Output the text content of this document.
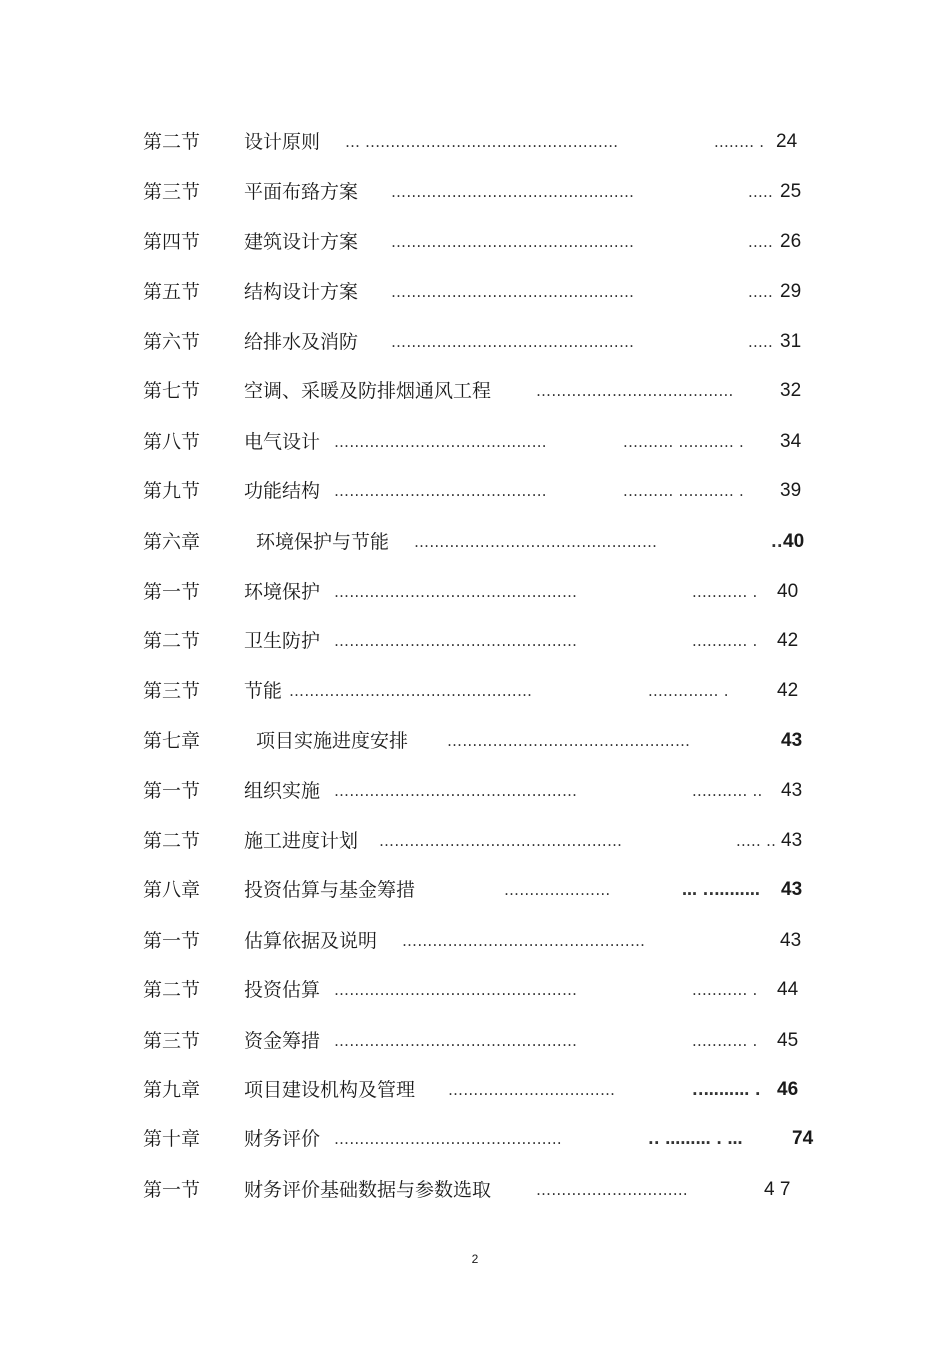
第二节 设计原则 … ..…………………………………………	..…… . 24
第三节 平面布臵方案 …………………………………………	..… 25
第四节 建筑设计方案 …………………………………………	..… 26
第五节 结构设计方案 …………………………………………	..… 29
第六节 给排水及消防 …………………………………………	..… 31
第七节 空调、采暖及防排烟通风工程	………………………………… 32
第八节 电气设计 ……………………………………	.……… ..……… . 34
第九节 功能结构 ……………………………………	.……… ..……… . 39
第六章	环境保护与节能 …………………………………………	.. 40
第一节 环境保护 …………………………………………	..……… . 40
第二节 卫生防护 …………………………………………	..……… . 42
第三节 节能 …………………………………………	..………… .	42
第七章	项目实施进度安排	…………………………………………	43
第一节 组织实施 …………………………………………	..……… .. 43
第二节 施工进度计划 …………………………………………	..… .. 43
第八章 投资估算与基金筹措	…………………	… ..……… 43
第一节 估算依据及说明 …………………………………………	43
第二节 投资估算 …………………………………………	..……… . 44
第三节 资金筹措 …………………………………………	..……… . 45
第九章 项目建设机构及管理 ……………………………	..……… . 46
第十章 财务评价 ………………………………………	.. ……… . …	74
第一节 财务评价基础数据与参数选取	…………………………	4 7
2
